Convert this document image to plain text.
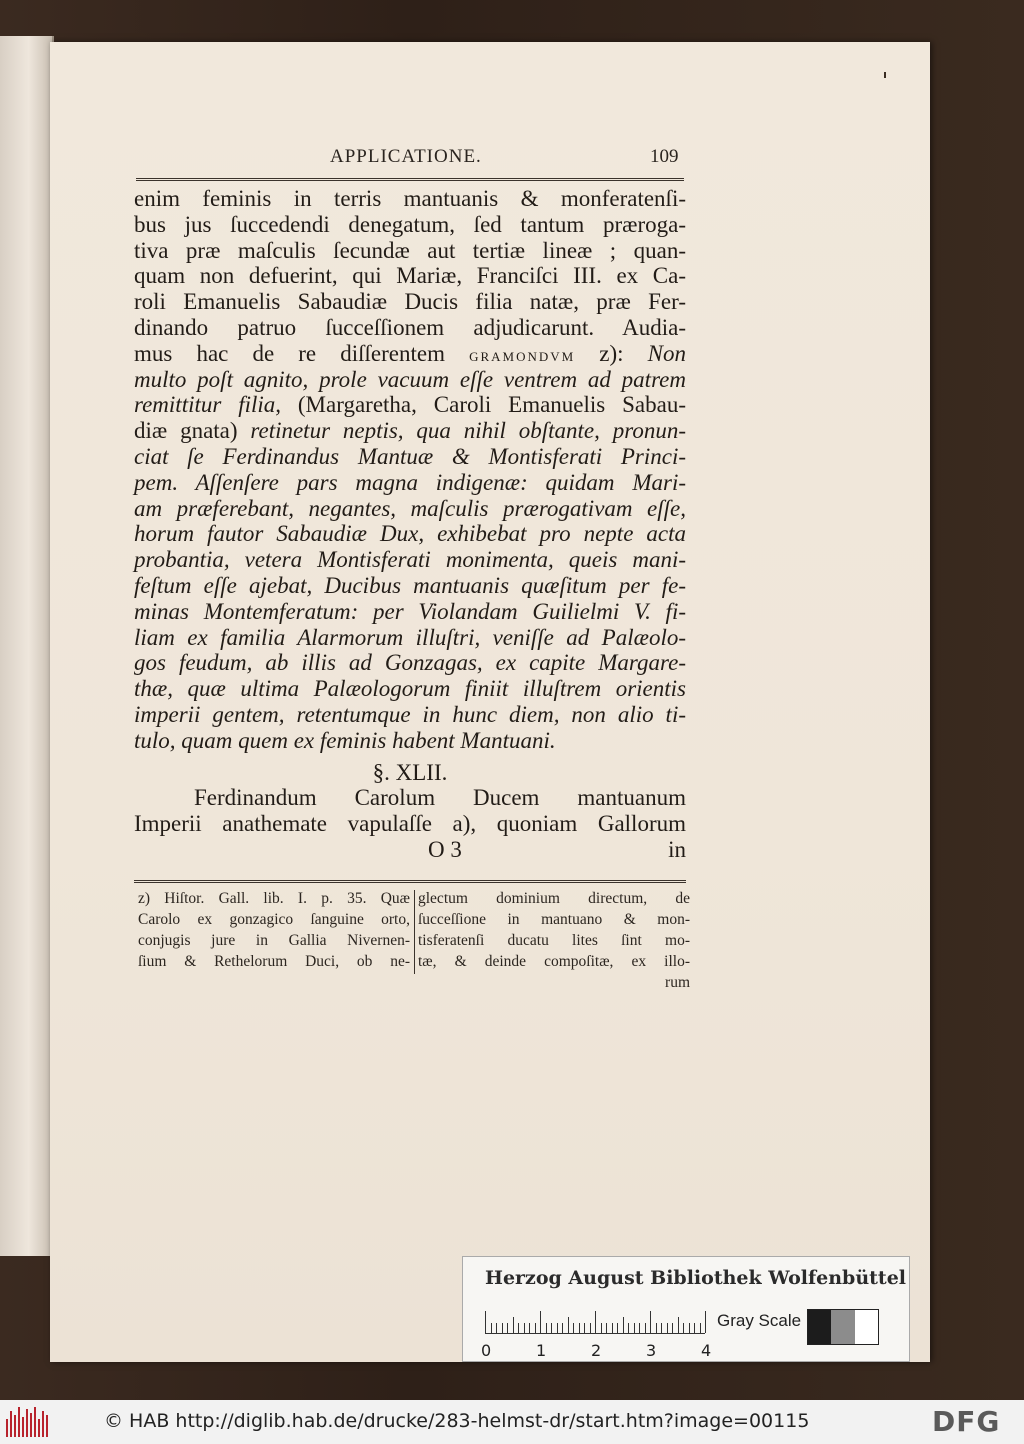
APPLICATIONE.	109
enim feminis in terris mantuanis & monferatenſi-
bus jus ſuccedendi denegatum, ſed tantum præroga-
tiva præ maſculis ſecundæ aut tertiæ lineæ ; quan-
quam non defuerint, qui Mariæ, Franciſci III. ex Ca-
roli Emanuelis Sabaudiæ Ducis filia natæ, præ Fer-
dinando patruo ſucceſſionem adjudicarunt. Audia-
mus hac de re diſſerentem gramondvm z): Non
multo poſt agnito, prole vacuum eſſe ventrem ad patrem
remittitur filia, (Margaretha, Caroli Emanuelis Sabau-
diæ gnata) retinetur neptis, qua nihil obſtante, pronun-
ciat ſe Ferdinandus Mantuæ & Montisferati Princi-
pem. Aſſenſere pars magna indigenæ: quidam Mari-
am præferebant, negantes, maſculis prærogativam eſſe,
horum fautor Sabaudiæ Dux, exhibebat pro nepte acta
probantia, vetera Montisferati monimenta, queis mani-
feſtum eſſe ajebat, Ducibus mantuanis quæſitum per fe-
minas Montemferatum: per Violandam Guilielmi V. fi-
liam ex familia Alarmorum illuſtri, veniſſe ad Palæolo-
gos feudum, ab illis ad Gonzagas, ex capite Margare-
thæ, quæ ultima Palæologorum finiit illuſtrem orientis
imperii gentem, retentumque in hunc diem, non alio ti-
tulo, quam quem ex feminis habent Mantuani.
§. XLII.
Ferdinandum Carolum Ducem mantuanum
Imperii anathemate vapulaſſe a), quoniam Gallorum
O 3	in
z) Hiſtor. Gall. lib. I. p. 35. Quæ
Carolo ex gonzagico ſanguine orto,
conjugis jure in Gallia Nivernen-
ſium & Rethelorum Duci, ob ne-
glectum dominium directum, de
ſucceſſione in mantuano & mon-
tisferatenſi ducatu lites ſint mo-
tæ, & deinde compoſitæ, ex illo-
rum
Herzog August Bibliothek Wolfenbüttel
0	1	2	3	4
Gray Scale
© HAB http://diglib.hab.de/drucke/283-helmst-dr/start.htm?image=00115	DFG
